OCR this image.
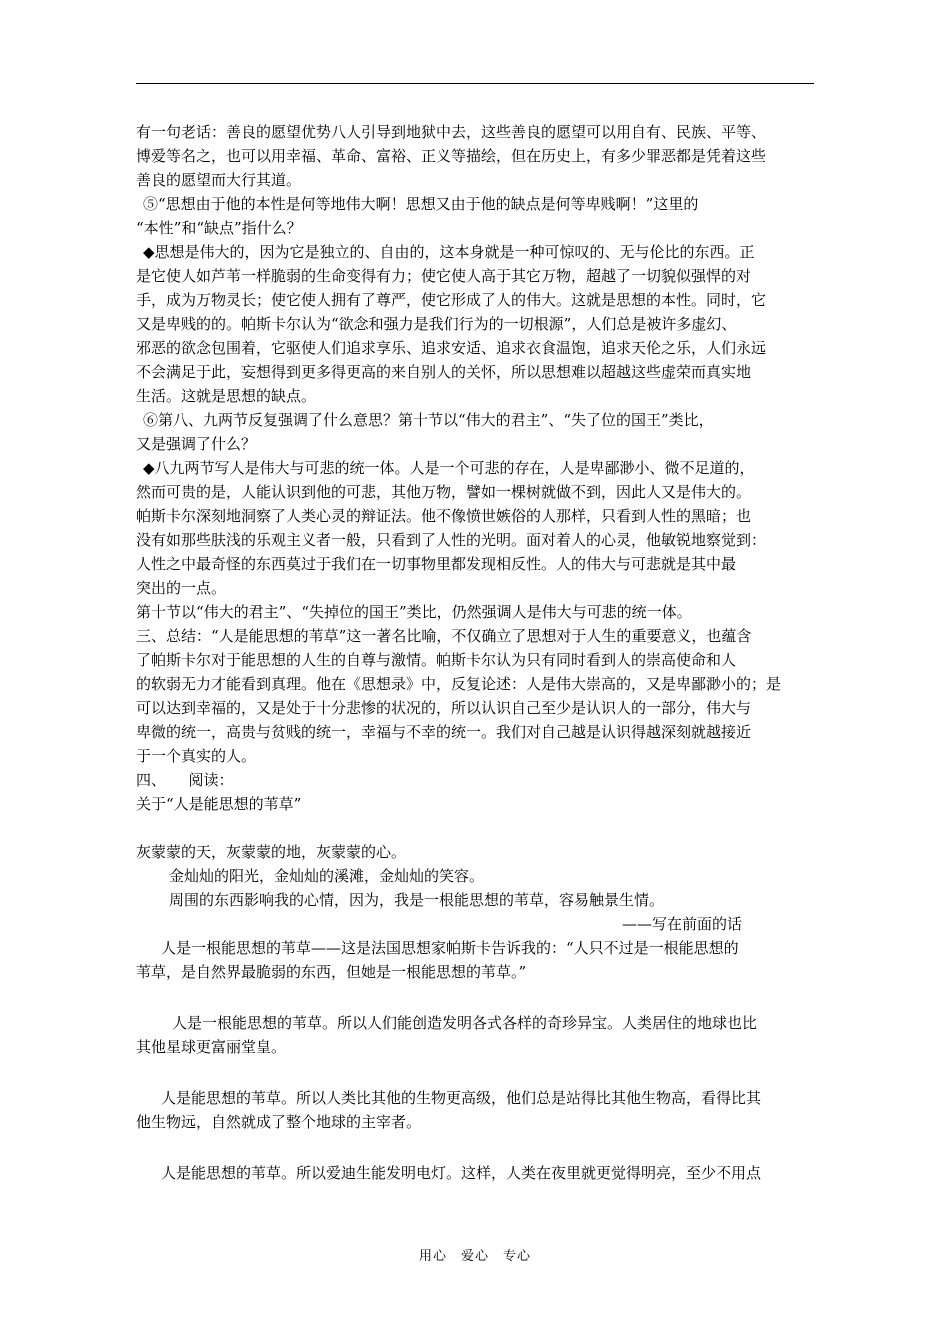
有一句老话：善良的愿望优势八人引导到地狱中去，这些善良的愿望可以用自有、民族、平等、

博爱等名之，也可以用幸福、革命、富裕、正义等描绘，但在历史上，有多少罪恶都是凭着这些

善良的愿望而大行其道。

⑤“思想由于他的本性是何等地伟大啊！思想又由于他的缺点是何等卑贱啊！”这里的

“本性”和“缺点”指什么？

◆思想是伟大的，因为它是独立的、自由的，这本身就是一种可惊叹的、无与伦比的东西。正

是它使人如芦苇一样脆弱的生命变得有力；使它使人高于其它万物，超越了一切貌似强悍的对

手，成为万物灵长；使它使人拥有了尊严，使它形成了人的伟大。这就是思想的本性。同时，它

又是卑贱的的。帕斯卡尔认为“欲念和强力是我们行为的一切根源”，人们总是被许多虚幻、

邪恶的欲念包围着，它驱使人们追求享乐、追求安适、追求衣食温饱，追求天伦之乐，人们永远

不会满足于此，妄想得到更多得更高的来自别人的关怀，所以思想难以超越这些虚荣而真实地

生活。这就是思想的缺点。

⑥第八、九两节反复强调了什么意思？第十节以“伟大的君主”、“失了位的国王”类比，

又是强调了什么？

◆八九两节写人是伟大与可悲的统一体。人是一个可悲的存在，人是卑鄙渺小、微不足道的，

然而可贵的是，人能认识到他的可悲，其他万物，譬如一棵树就做不到，因此人又是伟大的。

帕斯卡尔深刻地洞察了人类心灵的辩证法。他不像愤世嫉俗的人那样，只看到人性的黑暗；也

没有如那些肤浅的乐观主义者一般，只看到了人性的光明。面对着人的心灵，他敏锐地察觉到：

人性之中最奇怪的东西莫过于我们在一切事物里都发现相反性。人的伟大与可悲就是其中最

突出的一点。

第十节以“伟大的君主”、“失掉位的国王”类比，仍然强调人是伟大与可悲的统一体。

三、总结：“人是能思想的苇草”这一著名比喻，不仅确立了思想对于人生的重要意义，也蕴含

了帕斯卡尔对于能思想的人生的自尊与激情。帕斯卡尔认为只有同时看到人的崇高使命和人

的软弱无力才能看到真理。他在《思想录》中，反复论述：人是伟大崇高的，又是卑鄙渺小的；是

可以达到幸福的，又是处于十分悲惨的状况的，所以认识自己至少是认识人的一部分，伟大与

卑微的统一，高贵与贫贱的统一，幸福与不幸的统一。我们对自己越是认识得越深刻就越接近

于一个真实的人。

四、　　阅读：

关于“人是能思想的苇草”

灰蒙蒙的天，灰蒙蒙的地，灰蒙蒙的心。

金灿灿的阳光，金灿灿的溪滩，金灿灿的笑容。

周围的东西影响我的心情，因为，我是一根能思想的苇草，容易触景生情。

——写在前面的话

人是一根能思想的苇草——这是法国思想家帕斯卡告诉我的：“人只不过是一根能思想的

苇草，是自然界最脆弱的东西，但她是一根能思想的苇草。”

人是一根能思想的苇草。所以人们能创造发明各式各样的奇珍异宝。人类居住的地球也比

其他星球更富丽堂皇。

人是能思想的苇草。所以人类比其他的生物更高级，他们总是站得比其他生物高，看得比其

他生物远，自然就成了整个地球的主宰者。

人是能思想的苇草。所以爱迪生能发明电灯。这样，人类在夜里就更觉得明亮，至少不用点

用心　爱心　专心
